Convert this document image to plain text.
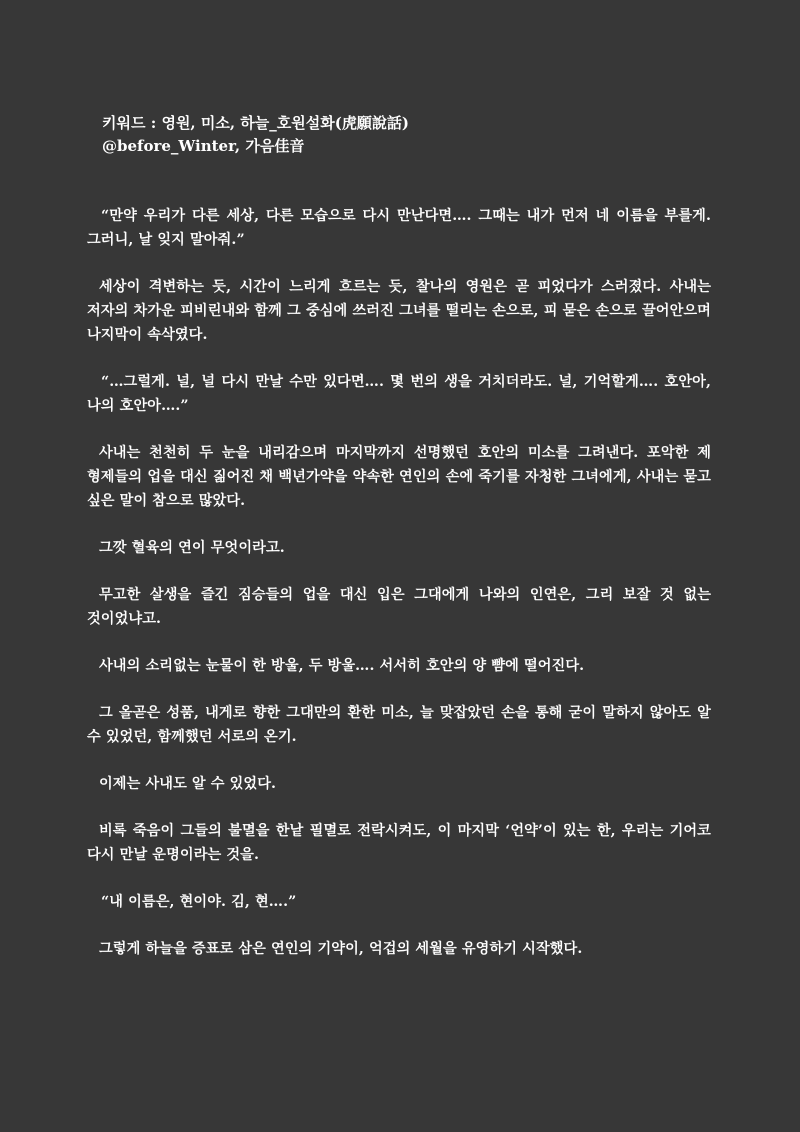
키워드 : 영원, 미소, 하늘_호원설화(虎願說話)
@before_Winter, 가음佳音

“만약 우리가 다른 세상, 다른 모습으로 다시 만난다면…. 그때는 내가 먼저 네 이름을 부를게. 그러니, 날 잊지 말아줘.”

세상이 격변하는 듯, 시간이 느리게 흐르는 듯, 찰나의 영원은 곧 피었다가 스러졌다. 사내는 저자의 차가운 피비린내와 함께 그 중심에 쓰러진 그녀를 떨리는 손으로, 피 묻은 손으로 끌어안으며 나지막이 속삭였다.

“…그럴게. 널, 널 다시 만날 수만 있다면…. 몇 번의 생을 거치더라도. 널, 기억할게…. 호안아, 나의 호안아….”

사내는 천천히 두 눈을 내리감으며 마지막까지 선명했던 호안의 미소를 그려낸다. 포악한 제 형제들의 업을 대신 짊어진 채 백년가약을 약속한 연인의 손에 죽기를 자청한 그녀에게, 사내는 묻고 싶은 말이 참으로 많았다.

그깟 혈육의 연이 무엇이라고.

무고한 살생을 즐긴 짐승들의 업을 대신 입은 그대에게 나와의 인연은, 그리 보잘 것 없는 것이었냐고.

사내의 소리없는 눈물이 한 방울, 두 방울…. 서서히 호안의 양 뺨에 떨어진다.

그 올곧은 성품, 내게로 향한 그대만의 환한 미소, 늘 맞잡았던 손을 통해 굳이 말하지 않아도 알 수 있었던, 함께했던 서로의 온기.

이제는 사내도 알 수 있었다.

비록 죽음이 그들의 불멸을 한낱 필멸로 전락시켜도, 이 마지막 ‘언약’이 있는 한, 우리는 기어코 다시 만날 운명이라는 것을.

“내 이름은, 현이야. 김, 현….”

그렇게 하늘을 증표로 삼은 연인의 기약이, 억겁의 세월을 유영하기 시작했다.
